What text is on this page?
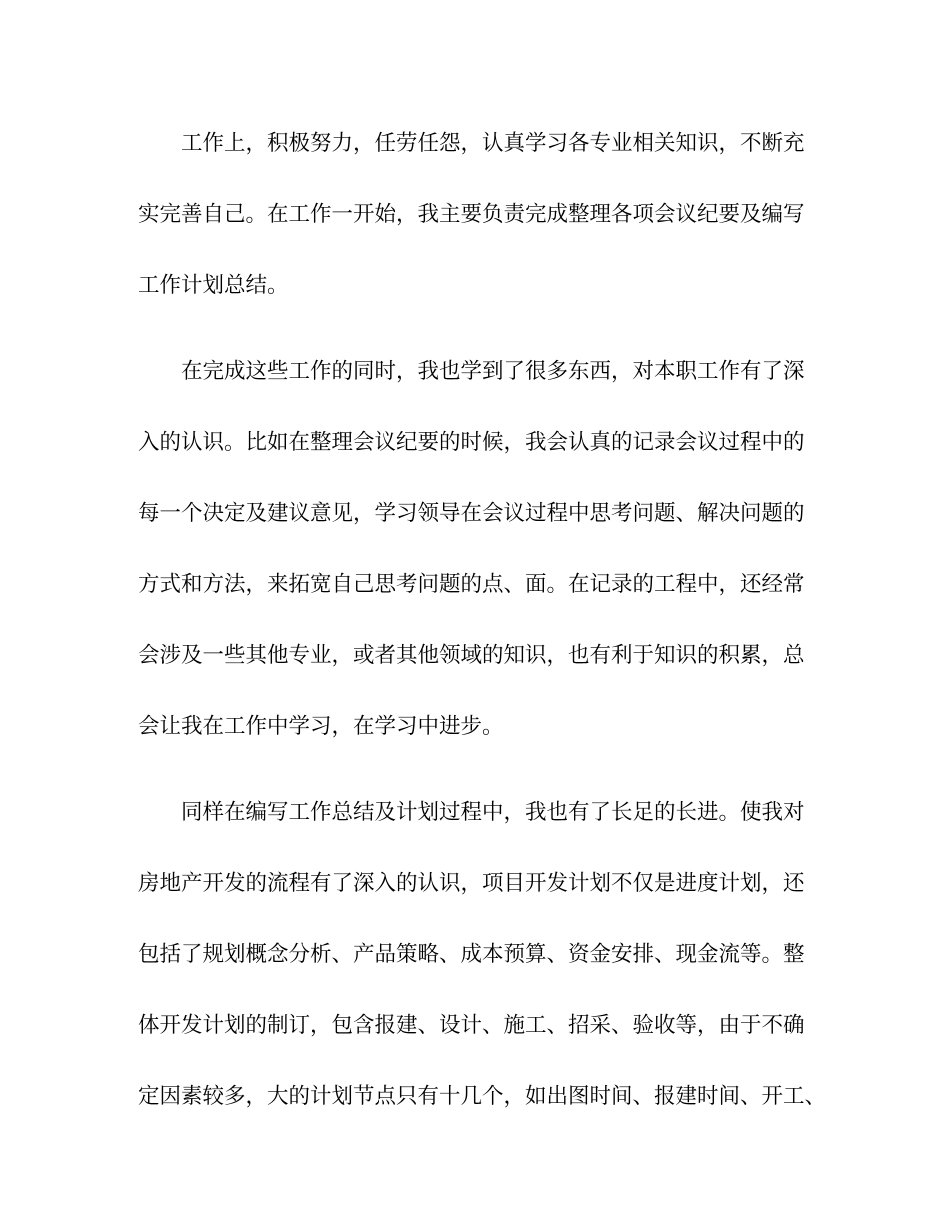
工作上，积极努力，任劳任怨，认真学习各专业相关知识，不断充
实完善自己。在工作一开始，我主要负责完成整理各项会议纪要及编写
工作计划总结。
在完成这些工作的同时，我也学到了很多东西，对本职工作有了深
入的认识。比如在整理会议纪要的时候，我会认真的记录会议过程中的
每一个决定及建议意见，学习领导在会议过程中思考问题、解决问题的
方式和方法，来拓宽自己思考问题的点、面。在记录的工程中，还经常
会涉及一些其他专业，或者其他领域的知识，也有利于知识的积累，总
会让我在工作中学习，在学习中进步。
同样在编写工作总结及计划过程中，我也有了长足的长进。使我对
房地产开发的流程有了深入的认识，项目开发计划不仅是进度计划，还
包括了规划概念分析、产品策略、成本预算、资金安排、现金流等。整
体开发计划的制订，包含报建、设计、施工、招采、验收等，由于不确
定因素较多，大的计划节点只有十几个，如出图时间、报建时间、开工、
